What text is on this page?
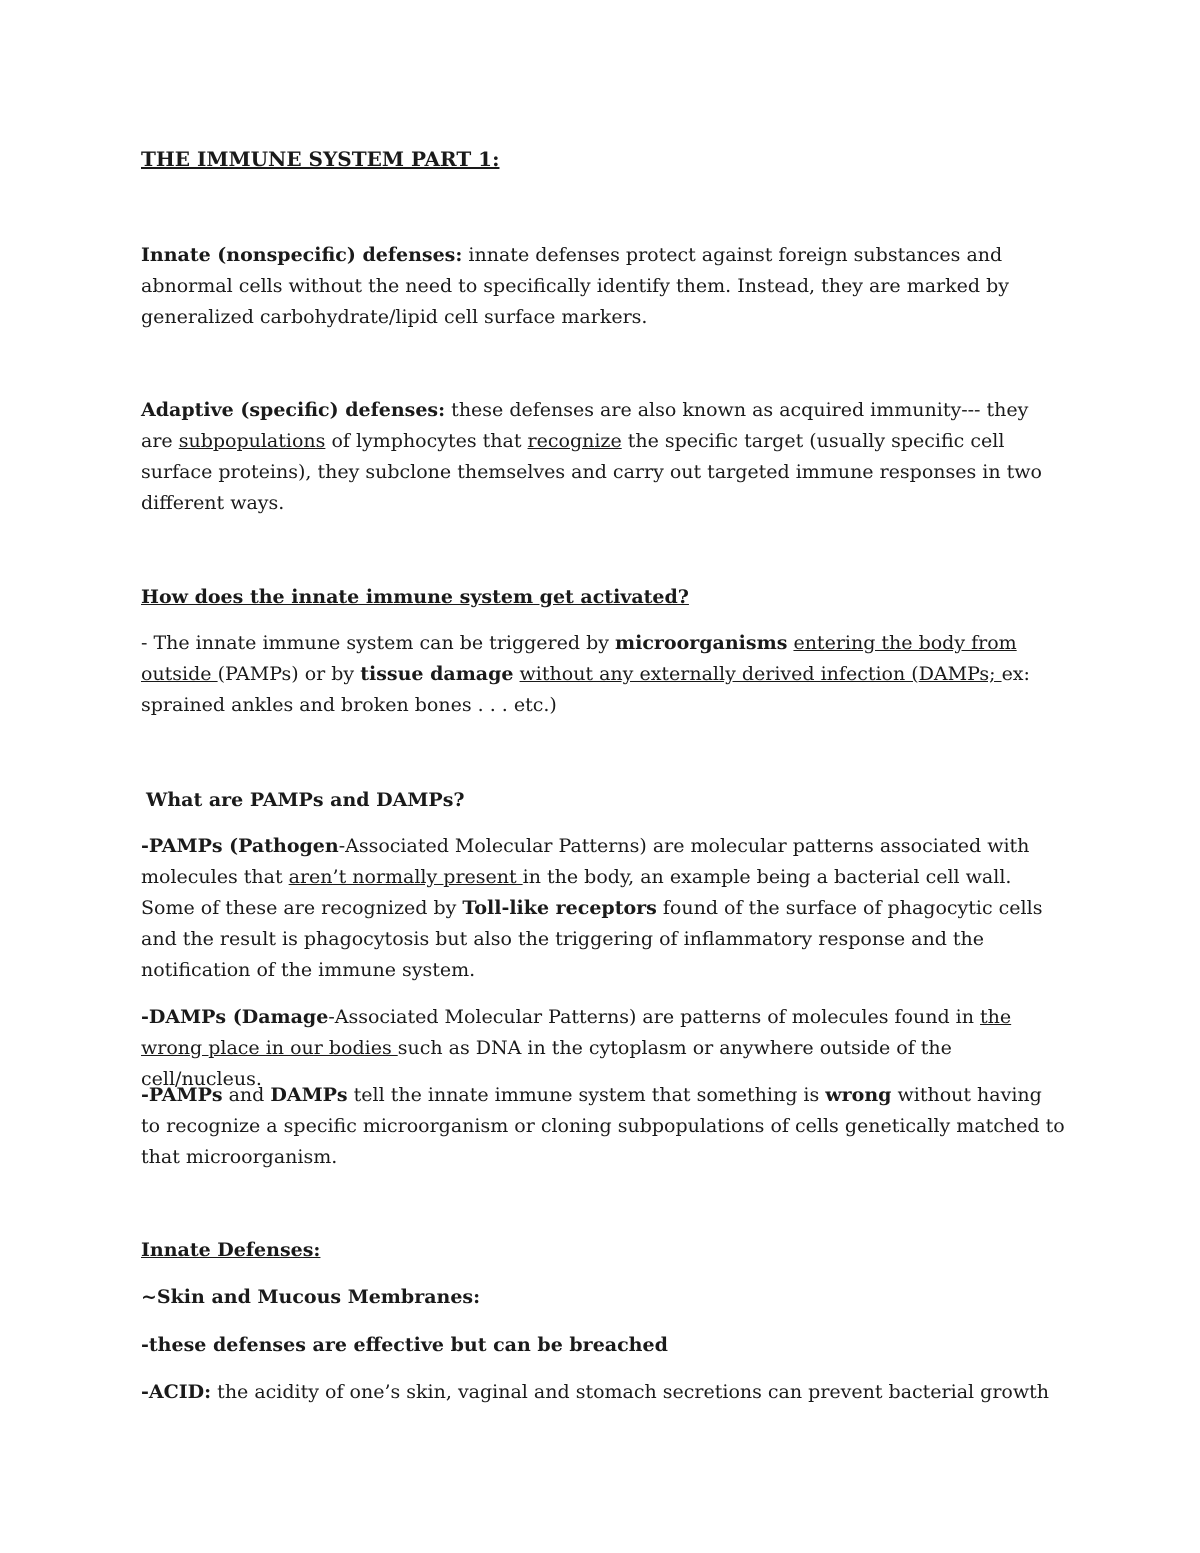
THE IMMUNE SYSTEM PART 1:

Innate (nonspecific) defenses: innate defenses protect against foreign substances and abnormal cells without the need to specifically identify them. Instead, they are marked by generalized carbohydrate/lipid cell surface markers.

Adaptive (specific) defenses: these defenses are also known as acquired immunity--- they are subpopulations of lymphocytes that recognize the specific target (usually specific cell surface proteins), they subclone themselves and carry out targeted immune responses in two different ways.

How does the innate immune system get activated?

- The innate immune system can be triggered by microorganisms entering the body from outside (PAMPs) or by tissue damage without any externally derived infection (DAMPs; ex: sprained ankles and broken bones . . . etc.)

What are PAMPs and DAMPs?

-PAMPs (Pathogen-Associated Molecular Patterns) are molecular patterns associated with molecules that aren’t normally present in the body, an example being a bacterial cell wall. Some of these are recognized by Toll-like receptors found of the surface of phagocytic cells and the result is phagocytosis but also the triggering of inflammatory response and the notification of the immune system.

-DAMPs (Damage-Associated Molecular Patterns) are patterns of molecules found in the wrong place in our bodies such as DNA in the cytoplasm or anywhere outside of the cell/nucleus.

-PAMPs and DAMPs tell the innate immune system that something is wrong without having to recognize a specific microorganism or cloning subpopulations of cells genetically matched to that microorganism.

Innate Defenses:

~Skin and Mucous Membranes:

-these defenses are effective but can be breached

-ACID: the acidity of one’s skin, vaginal and stomach secretions can prevent bacterial growth
